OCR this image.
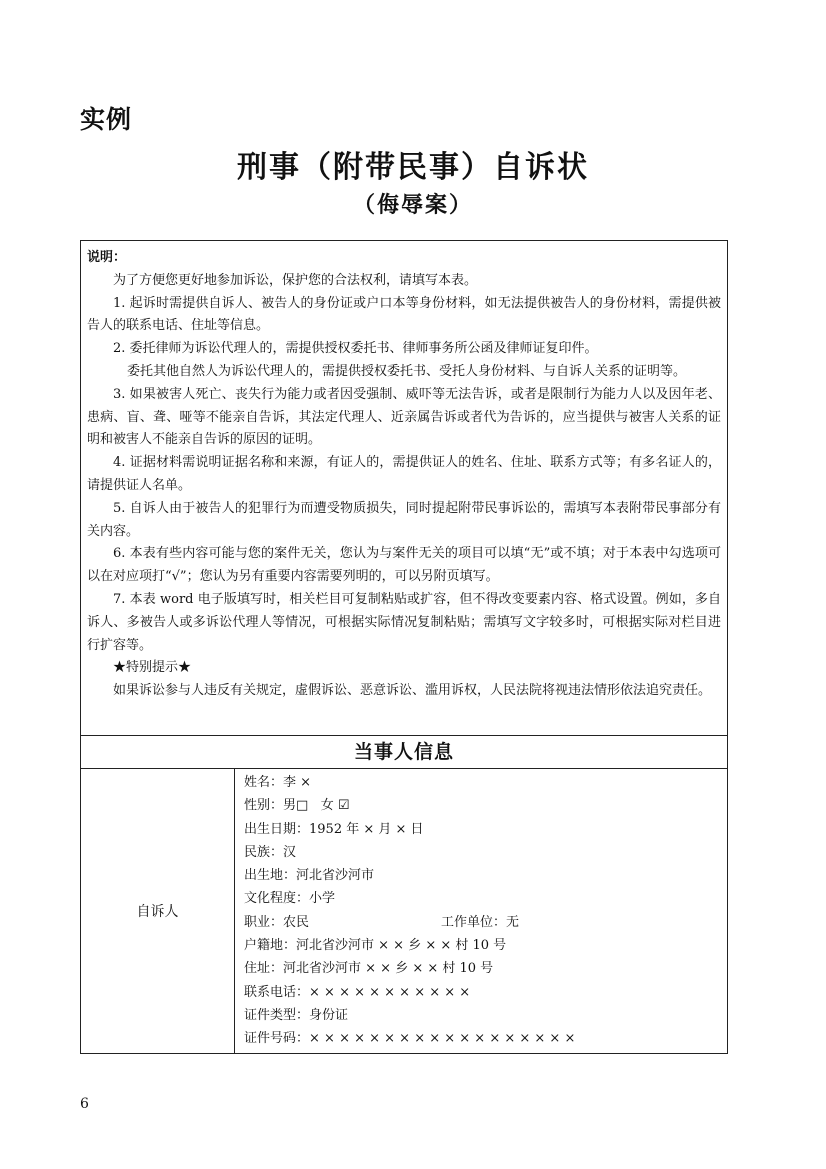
实例
刑事（附带民事）自诉状
（侮辱案）

说明：

为了方便您更好地参加诉讼，保护您的合法权利，请填写本表。

1. 起诉时需提供自诉人、被告人的身份证或户口本等身份材料，如无法提供被告人的身份材料，需提供被告人的联系电话、住址等信息。

2. 委托律师为诉讼代理人的，需提供授权委托书、律师事务所公函及律师证复印件。

委托其他自然人为诉讼代理人的，需提供授权委托书、受托人身份材料、与自诉人关系的证明等。

3. 如果被害人死亡、丧失行为能力或者因受强制、威吓等无法告诉，或者是限制行为能力人以及因年老、患病、盲、聋、哑等不能亲自告诉，其法定代理人、近亲属告诉或者代为告诉的，应当提供与被害人关系的证明和被害人不能亲自告诉的原因的证明。

4. 证据材料需说明证据名称和来源，有证人的，需提供证人的姓名、住址、联系方式等；有多名证人的，请提供证人名单。

5. 自诉人由于被告人的犯罪行为而遭受物质损失，同时提起附带民事诉讼的，需填写本表附带民事部分有关内容。

6. 本表有些内容可能与您的案件无关，您认为与案件无关的项目可以填“无”或不填；对于本表中勾选项可以在对应项打“√”；您认为另有重要内容需要列明的，可以另附页填写。

7. 本表 word 电子版填写时，相关栏目可复制粘贴或扩容，但不得改变要素内容、格式设置。例如，多自诉人、多被告人或多诉讼代理人等情况，可根据实际情况复制粘贴；需填写文字较多时，可根据实际对栏目进行扩容等。

★特别提示★

如果诉讼参与人违反有关规定，虚假诉讼、恶意诉讼、滥用诉权，人民法院将视违法情形依法追究责任。

当事人信息
自诉人
姓名：李 ×
性别：男□ 女 ☑
出生日期：1952 年 × 月 × 日
民族：汉
出生地：河北省沙河市
文化程度：小学
职业：农民	工作单位：无
户籍地：河北省沙河市 × × 乡 × × 村 10 号
住址：河北省沙河市 × × 乡 × × 村 10 号
联系电话：× × × × × × × × × × ×
证件类型：身份证
证件号码：× × × × × × × × × × × × × × × × × ×
6
